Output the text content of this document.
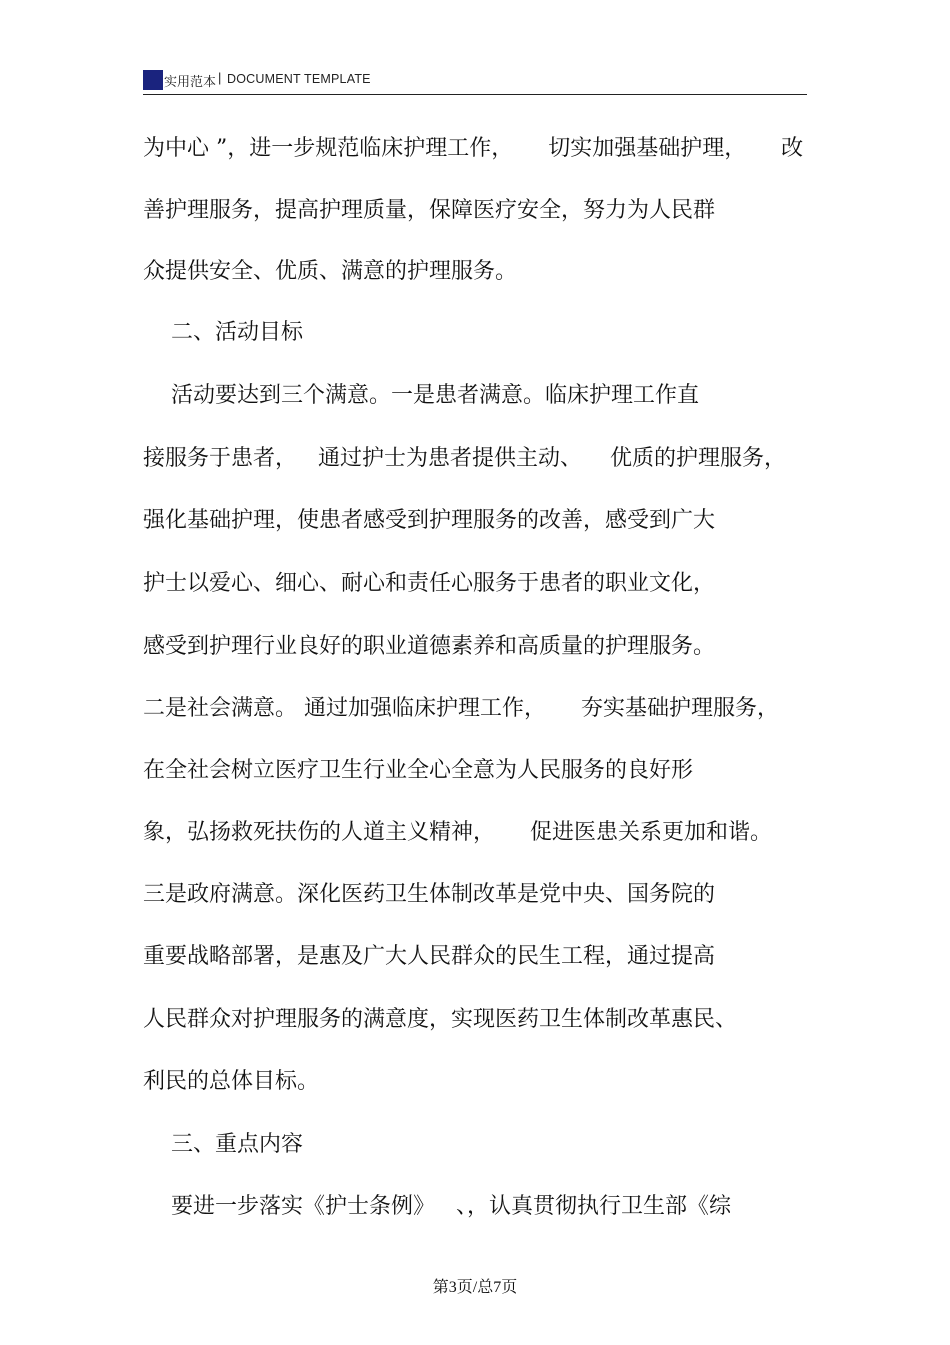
实用范本 | DOCUMENT TEMPLATE
为中心 ”，进一步规范临床护理工作，     切实加强基础护理，     改
善护理服务，提高护理质量，保障医疗安全，努力为人民群
众提供安全、优质、满意的护理服务。
二、活动目标
活动要达到三个满意。一是患者满意。临床护理工作直
接服务于患者，   通过护士为患者提供主动、    优质的护理服务，
强化基础护理，使患者感受到护理服务的改善，感受到广大
护士以爱心、细心、耐心和责任心服务于患者的职业文化，
感受到护理行业良好的职业道德素养和高质量的护理服务。
二是社会满意。 通过加强临床护理工作，     夯实基础护理服务，
在全社会树立医疗卫生行业全心全意为人民服务的良好形
象，弘扬救死扶伤的人道主义精神，     促进医患关系更加和谐。
三是政府满意。深化医药卫生体制改革是党中央、国务院的
重要战略部署，是惠及广大人民群众的民生工程，通过提高
人民群众对护理服务的满意度，实现医药卫生体制改革惠民、
利民的总体目标。
三、重点内容
要进一步落实《护士条例》   、，认真贯彻执行卫生部《综
第3页/总7页
